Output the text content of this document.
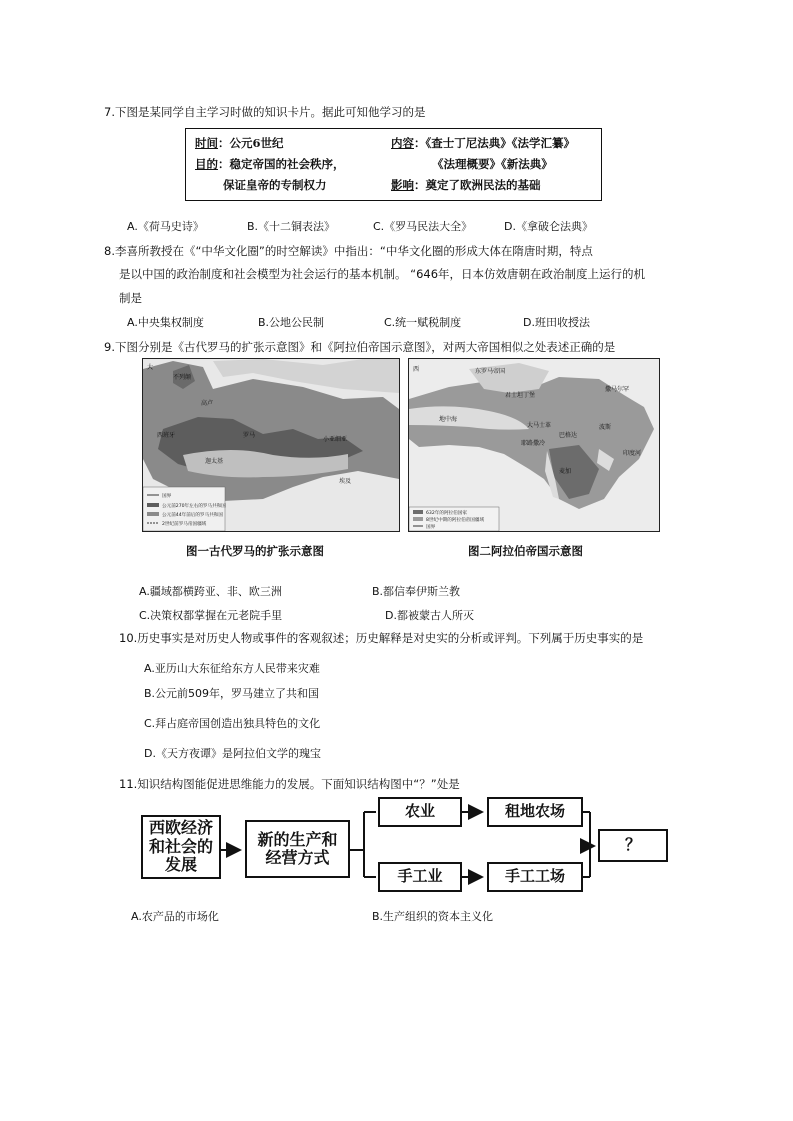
7.下图是某同学自主学习时做的知识卡片。据此可知他学习的是
时间：公元6世纪	内容：《查士丁尼法典》《法学汇纂》
目的：稳定帝国的社会秩序，	《法理概要》《新法典》
保证皇帝的专制权力	影响：奠定了欧洲民法的基础
A.《荷马史诗》	B.《十二铜表法》	C.《罗马民法大全》	D.《拿破仑法典》
8.李喜所教授在《“中华文化圈”的时空解读》中指出：“中华文化圈的形成大体在隋唐时期，特点
是以中国的政治制度和社会模型为社会运行的基本机制。 “646年，日本仿效唐朝在政治制度上运行的机
制是
A.中央集权制度	B.公地公民制	C.统一赋税制度	D.班田收授法
9.下图分别是《古代罗马的扩张示意图》和《阿拉伯帝国示意图》，对两大帝国相似之处表述正确的是
国界
公元前270年左右的罗马共和国
公元前44年前后的罗马共和国
2世纪前罗马帝国疆域
大
不列颠
高卢
西班牙	罗马
小亚细亚
迦太基
埃及
图一古代罗马的扩张示意图
632年的阿拉伯国家
8世纪中期的阿拉伯帝国疆域
国界
西	东罗马帝国
君士坦丁堡
地中海
大马士革
巴格达
耶路撒冷
波斯
麦加
撒马尔罕
印度河
图二阿拉伯帝国示意图
A.疆域都横跨亚、非、欧三洲	B.都信奉伊斯兰教
C.决策权都掌握在元老院手里	D.都被蒙古人所灭
10.历史事实是对历史人物或事件的客观叙述；历史解释是对史实的分析或评判。下列属于历史事实的是
A.亚历山大东征给东方人民带来灾难
B.公元前509年，罗马建立了共和国
C.拜占庭帝国创造出独具特色的文化
D.《天方夜谭》是阿拉伯文学的瑰宝
11.知识结构图能促进思维能力的发展。下面知识结构图中“？”处是
西欧经济和社会的发展
新的生产和经营方式
农业	租地农场
手工业	手工工场
？
A.农产品的市场化	B.生产组织的资本主义化
